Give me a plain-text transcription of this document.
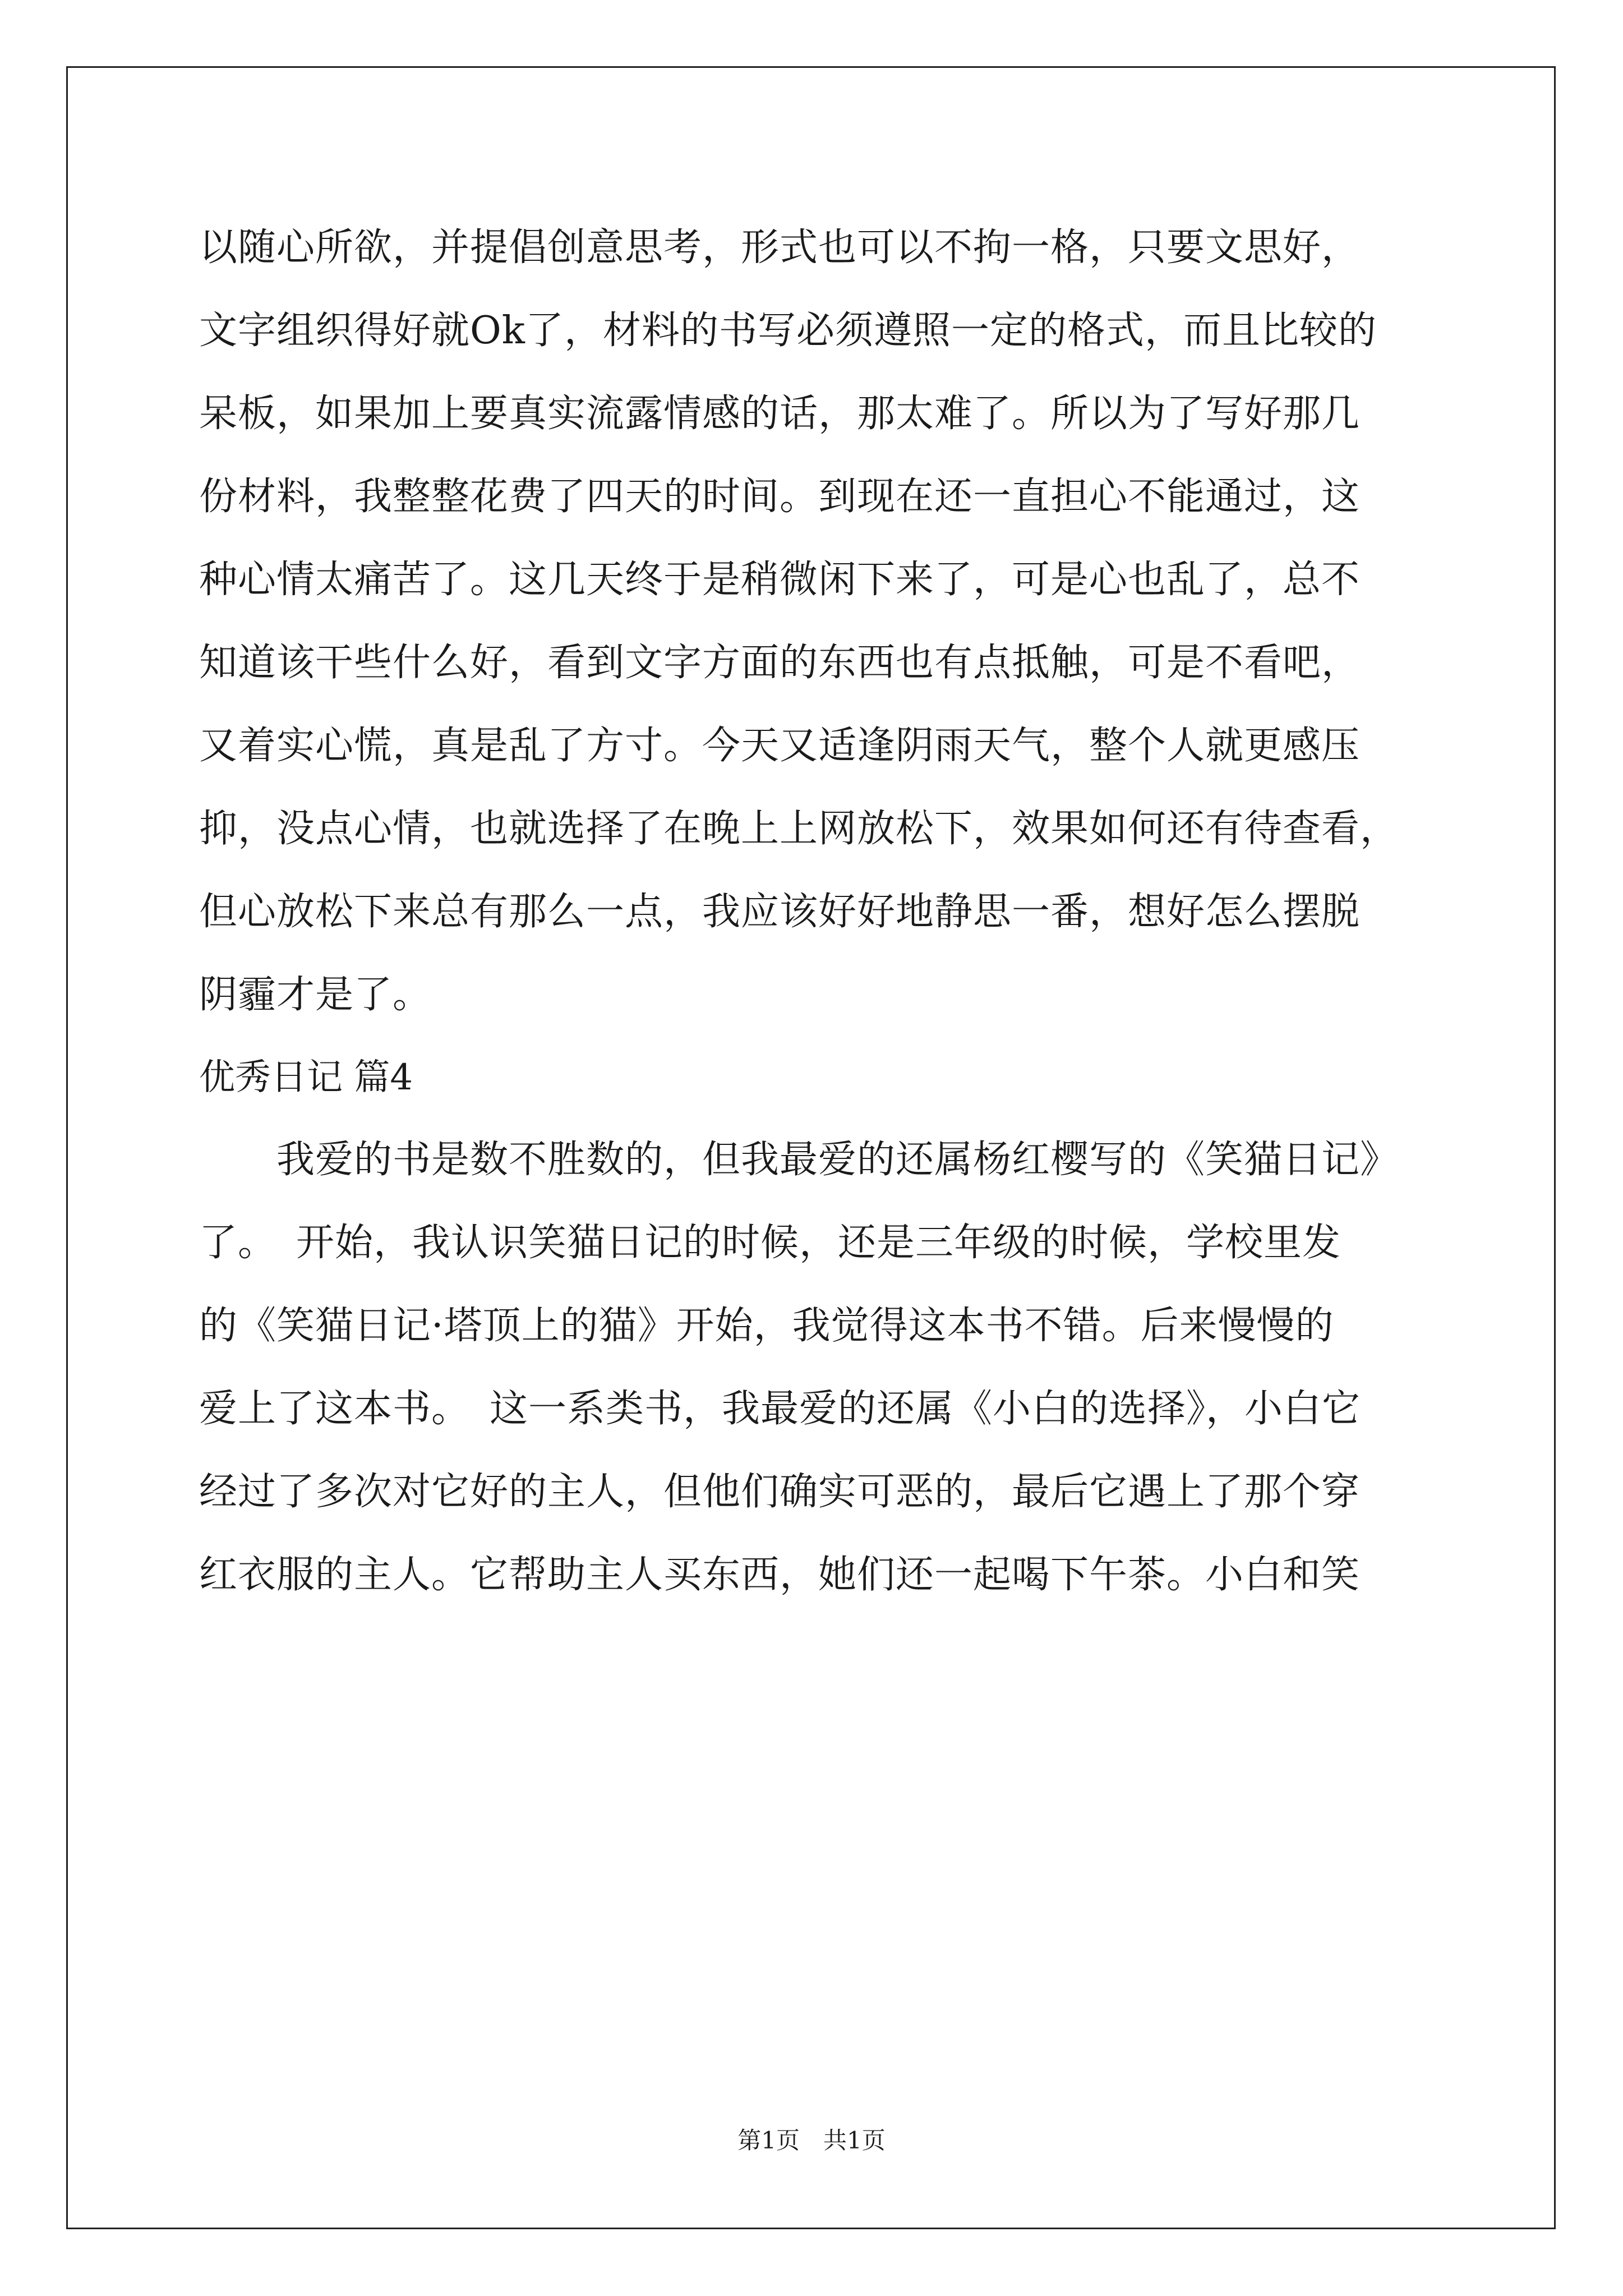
以随心所欲，并提倡创意思考，形式也可以不拘一格，只要文思好，
文字组织得好就Ok了，材料的书写必须遵照一定的格式，而且比较的
呆板，如果加上要真实流露情感的话，那太难了。所以为了写好那几
份材料，我整整花费了四天的时间。到现在还一直担心不能通过，这
种心情太痛苦了。这几天终于是稍微闲下来了，可是心也乱了，总不
知道该干些什么好，看到文字方面的东西也有点抵触，可是不看吧，
又着实心慌，真是乱了方寸。今天又适逢阴雨天气，整个人就更感压
抑，没点心情，也就选择了在晚上上网放松下，效果如何还有待查看，
但心放松下来总有那么一点，我应该好好地静思一番，想好怎么摆脱
阴霾才是了。
优秀日记 篇4
　　我爱的书是数不胜数的，但我最爱的还属杨红樱写的《笑猫日记》
了。　开始，我认识笑猫日记的时候，还是三年级的时候，学校里发
的《笑猫日记·塔顶上的猫》开始，我觉得这本书不错。后来慢慢的
爱上了这本书。　这一系类书，我最爱的还属《小白的选择》，小白它
经过了多次对它好的主人，但他们确实可恶的，最后它遇上了那个穿
红衣服的主人。它帮助主人买东西，她们还一起喝下午茶。小白和笑
第1页　共1页
